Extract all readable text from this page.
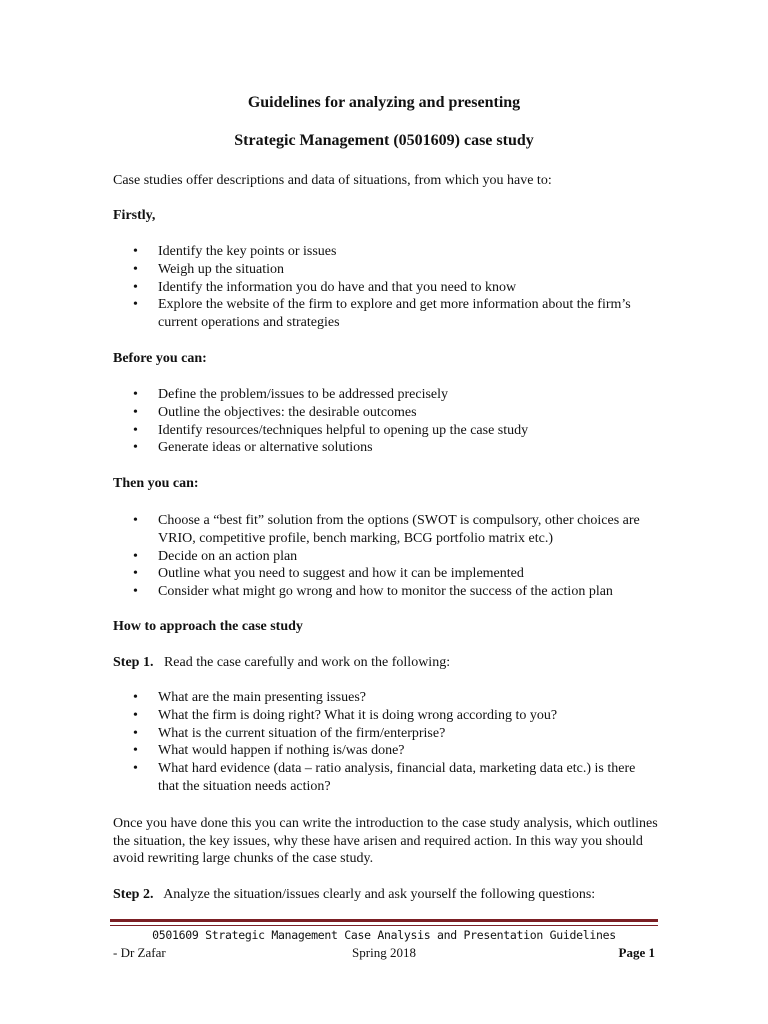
Guidelines for analyzing and presenting
Strategic Management (0501609) case study
Case studies offer descriptions and data of situations, from which you have to:
Firstly,
• Identify the key points or issues
• Weigh up the situation
• Identify the information you do have and that you need to know
• Explore the website of the firm to explore and get more information about the firm’s current operations and strategies
Before you can:
• Define the problem/issues to be addressed precisely
• Outline the objectives: the desirable outcomes
• Identify resources/techniques helpful to opening up the case study
• Generate ideas or alternative solutions
Then you can:
• Choose a “best fit” solution from the options (SWOT is compulsory, other choices are VRIO, competitive profile, bench marking, BCG portfolio matrix etc.)
• Decide on an action plan
• Outline what you need to suggest and how it can be implemented
• Consider what might go wrong and how to monitor the success of the action plan
How to approach the case study
Step 1. Read the case carefully and work on the following:
• What are the main presenting issues?
• What the firm is doing right? What it is doing wrong according to you?
• What is the current situation of the firm/enterprise?
• What would happen if nothing is/was done?
• What hard evidence (data – ratio analysis, financial data, marketing data etc.) is there that the situation needs action?
Once you have done this you can write the introduction to the case study analysis, which outlines the situation, the key issues, why these have arisen and required action. In this way you should avoid rewriting large chunks of the case study.
Step 2. Analyze the situation/issues clearly and ask yourself the following questions:
0501609 Strategic Management Case Analysis and Presentation Guidelines
- Dr Zafar	Spring 2018	Page 1
